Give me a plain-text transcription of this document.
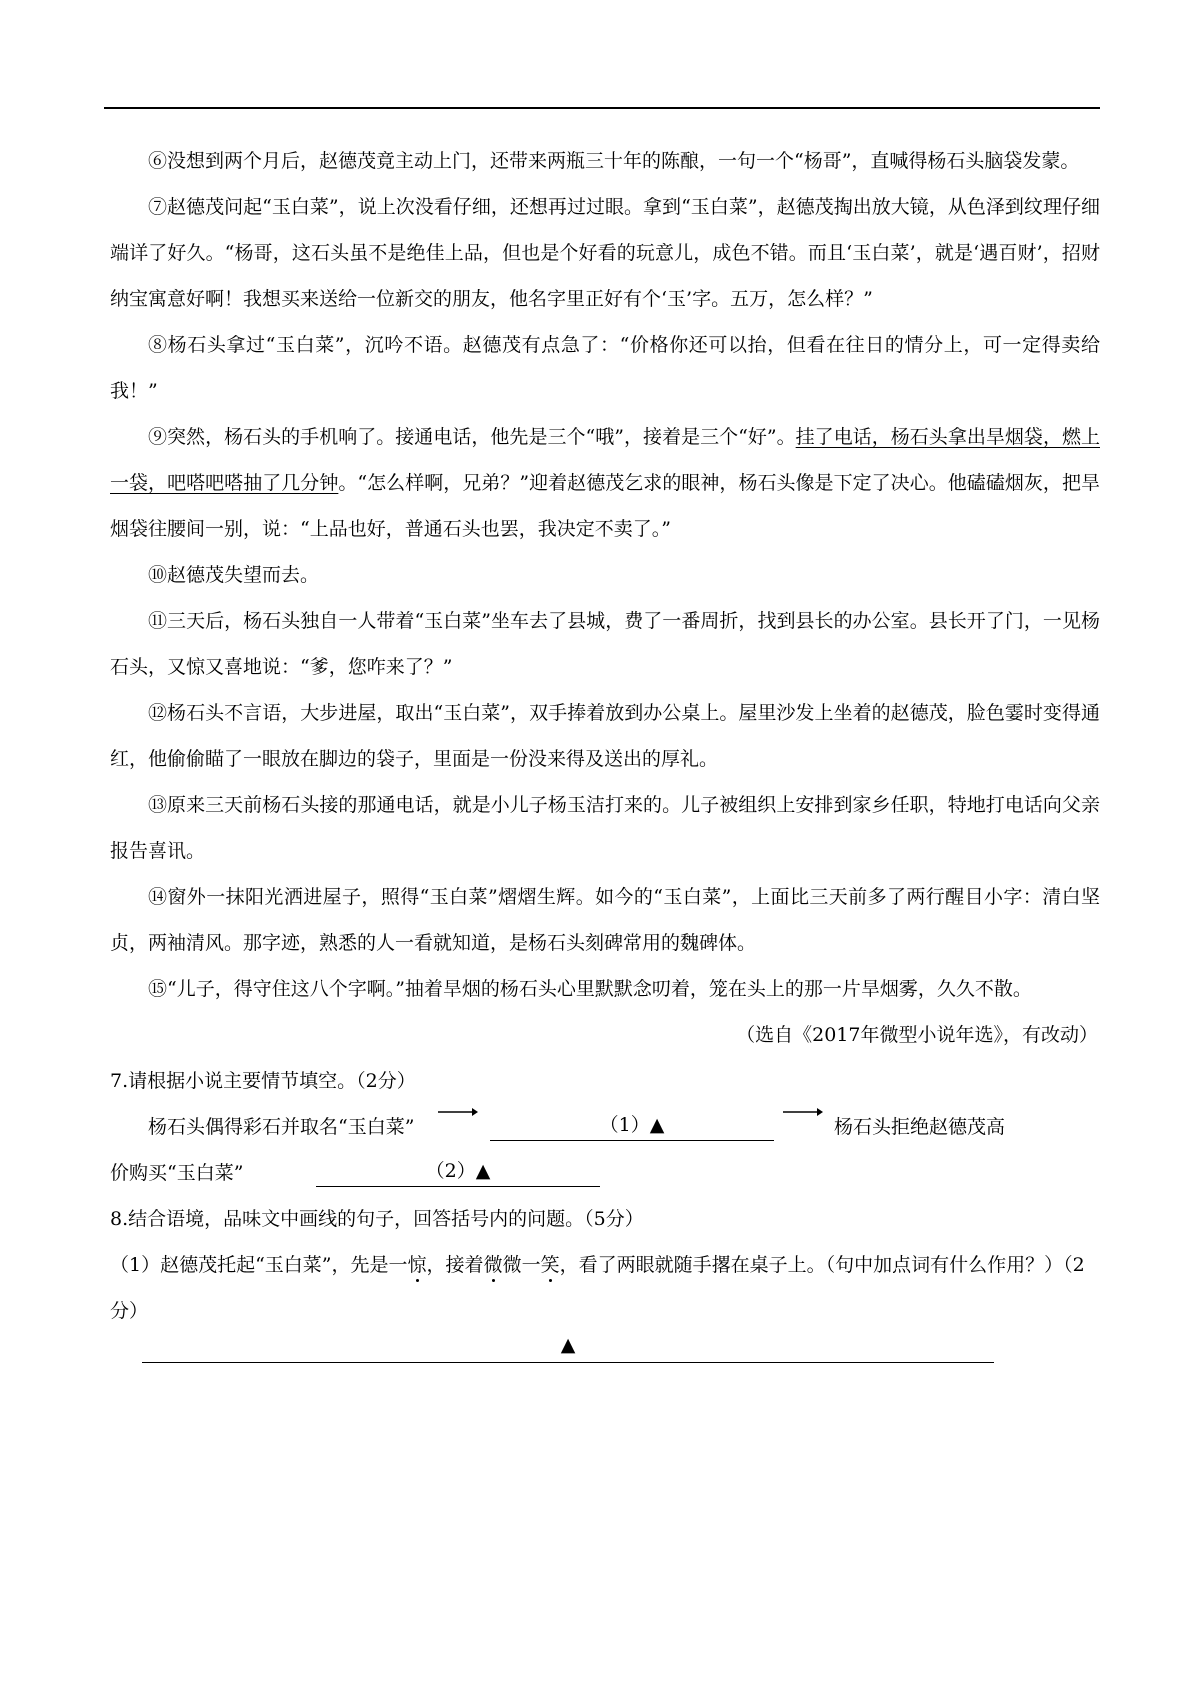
⑥没想到两个月后，赵德茂竟主动上门，还带来两瓶三十年的陈酿，一句一个“杨哥”，直喊得杨石头脑袋发蒙。

⑦赵德茂问起“玉白菜”，说上次没看仔细，还想再过过眼。拿到“玉白菜”，赵德茂掏出放大镜，从色泽到纹理仔细端详了好久。“杨哥，这石头虽不是绝佳上品，但也是个好看的玩意儿，成色不错。而且‘玉白菜’，就是‘遇百财’，招财纳宝寓意好啊！我想买来送给一位新交的朋友，他名字里正好有个‘玉’字。五万，怎么样？”

⑧杨石头拿过“玉白菜”，沉吟不语。赵德茂有点急了：“价格你还可以抬，但看在往日的情分上，可一定得卖给我！”

⑨突然，杨石头的手机响了。接通电话，他先是三个“哦”，接着是三个“好”。挂了电话，杨石头拿出旱烟袋，燃上一袋，吧嗒吧嗒抽了几分钟。“怎么样啊，兄弟？”迎着赵德茂乞求的眼神，杨石头像是下定了决心。他磕磕烟灰，把旱烟袋往腰间一别，说：“上品也好，普通石头也罢，我决定不卖了。”

⑩赵德茂失望而去。

⑪三天后，杨石头独自一人带着“玉白菜”坐车去了县城，费了一番周折，找到县长的办公室。县长开了门，一见杨石头，又惊又喜地说：“爹，您咋来了？”

⑫杨石头不言语，大步进屋，取出“玉白菜”，双手捧着放到办公桌上。屋里沙发上坐着的赵德茂，脸色霎时变得通红，他偷偷瞄了一眼放在脚边的袋子，里面是一份没来得及送出的厚礼。

⑬原来三天前杨石头接的那通电话，就是小儿子杨玉洁打来的。儿子被组织上安排到家乡任职，特地打电话向父亲报告喜讯。

⑭窗外一抹阳光洒进屋子，照得“玉白菜”熠熠生辉。如今的“玉白菜”，上面比三天前多了两行醒目小字：清白坚贞，两袖清风。那字迹，熟悉的人一看就知道，是杨石头刻碑常用的魏碑体。

⑮“儿子，得守住这八个字啊。”抽着旱烟的杨石头心里默默念叨着，笼在头上的那一片旱烟雾，久久不散。

（选自《2017年微型小说年选》，有改动）

7.请根据小说主要情节填空。（2分）

杨石头偶得彩石并取名“玉白菜”	（1）▲	杨石头拒绝赵德茂高
价购买“玉白菜”	（2）▲

8.结合语境，品味文中画线的句子，回答括号内的问题。（5分）

（1）赵德茂托起“玉白菜”，先是一惊，接着微微一笑，看了两眼就随手撂在桌子上。（句中加点词有什么作用？）（2分）

▲
